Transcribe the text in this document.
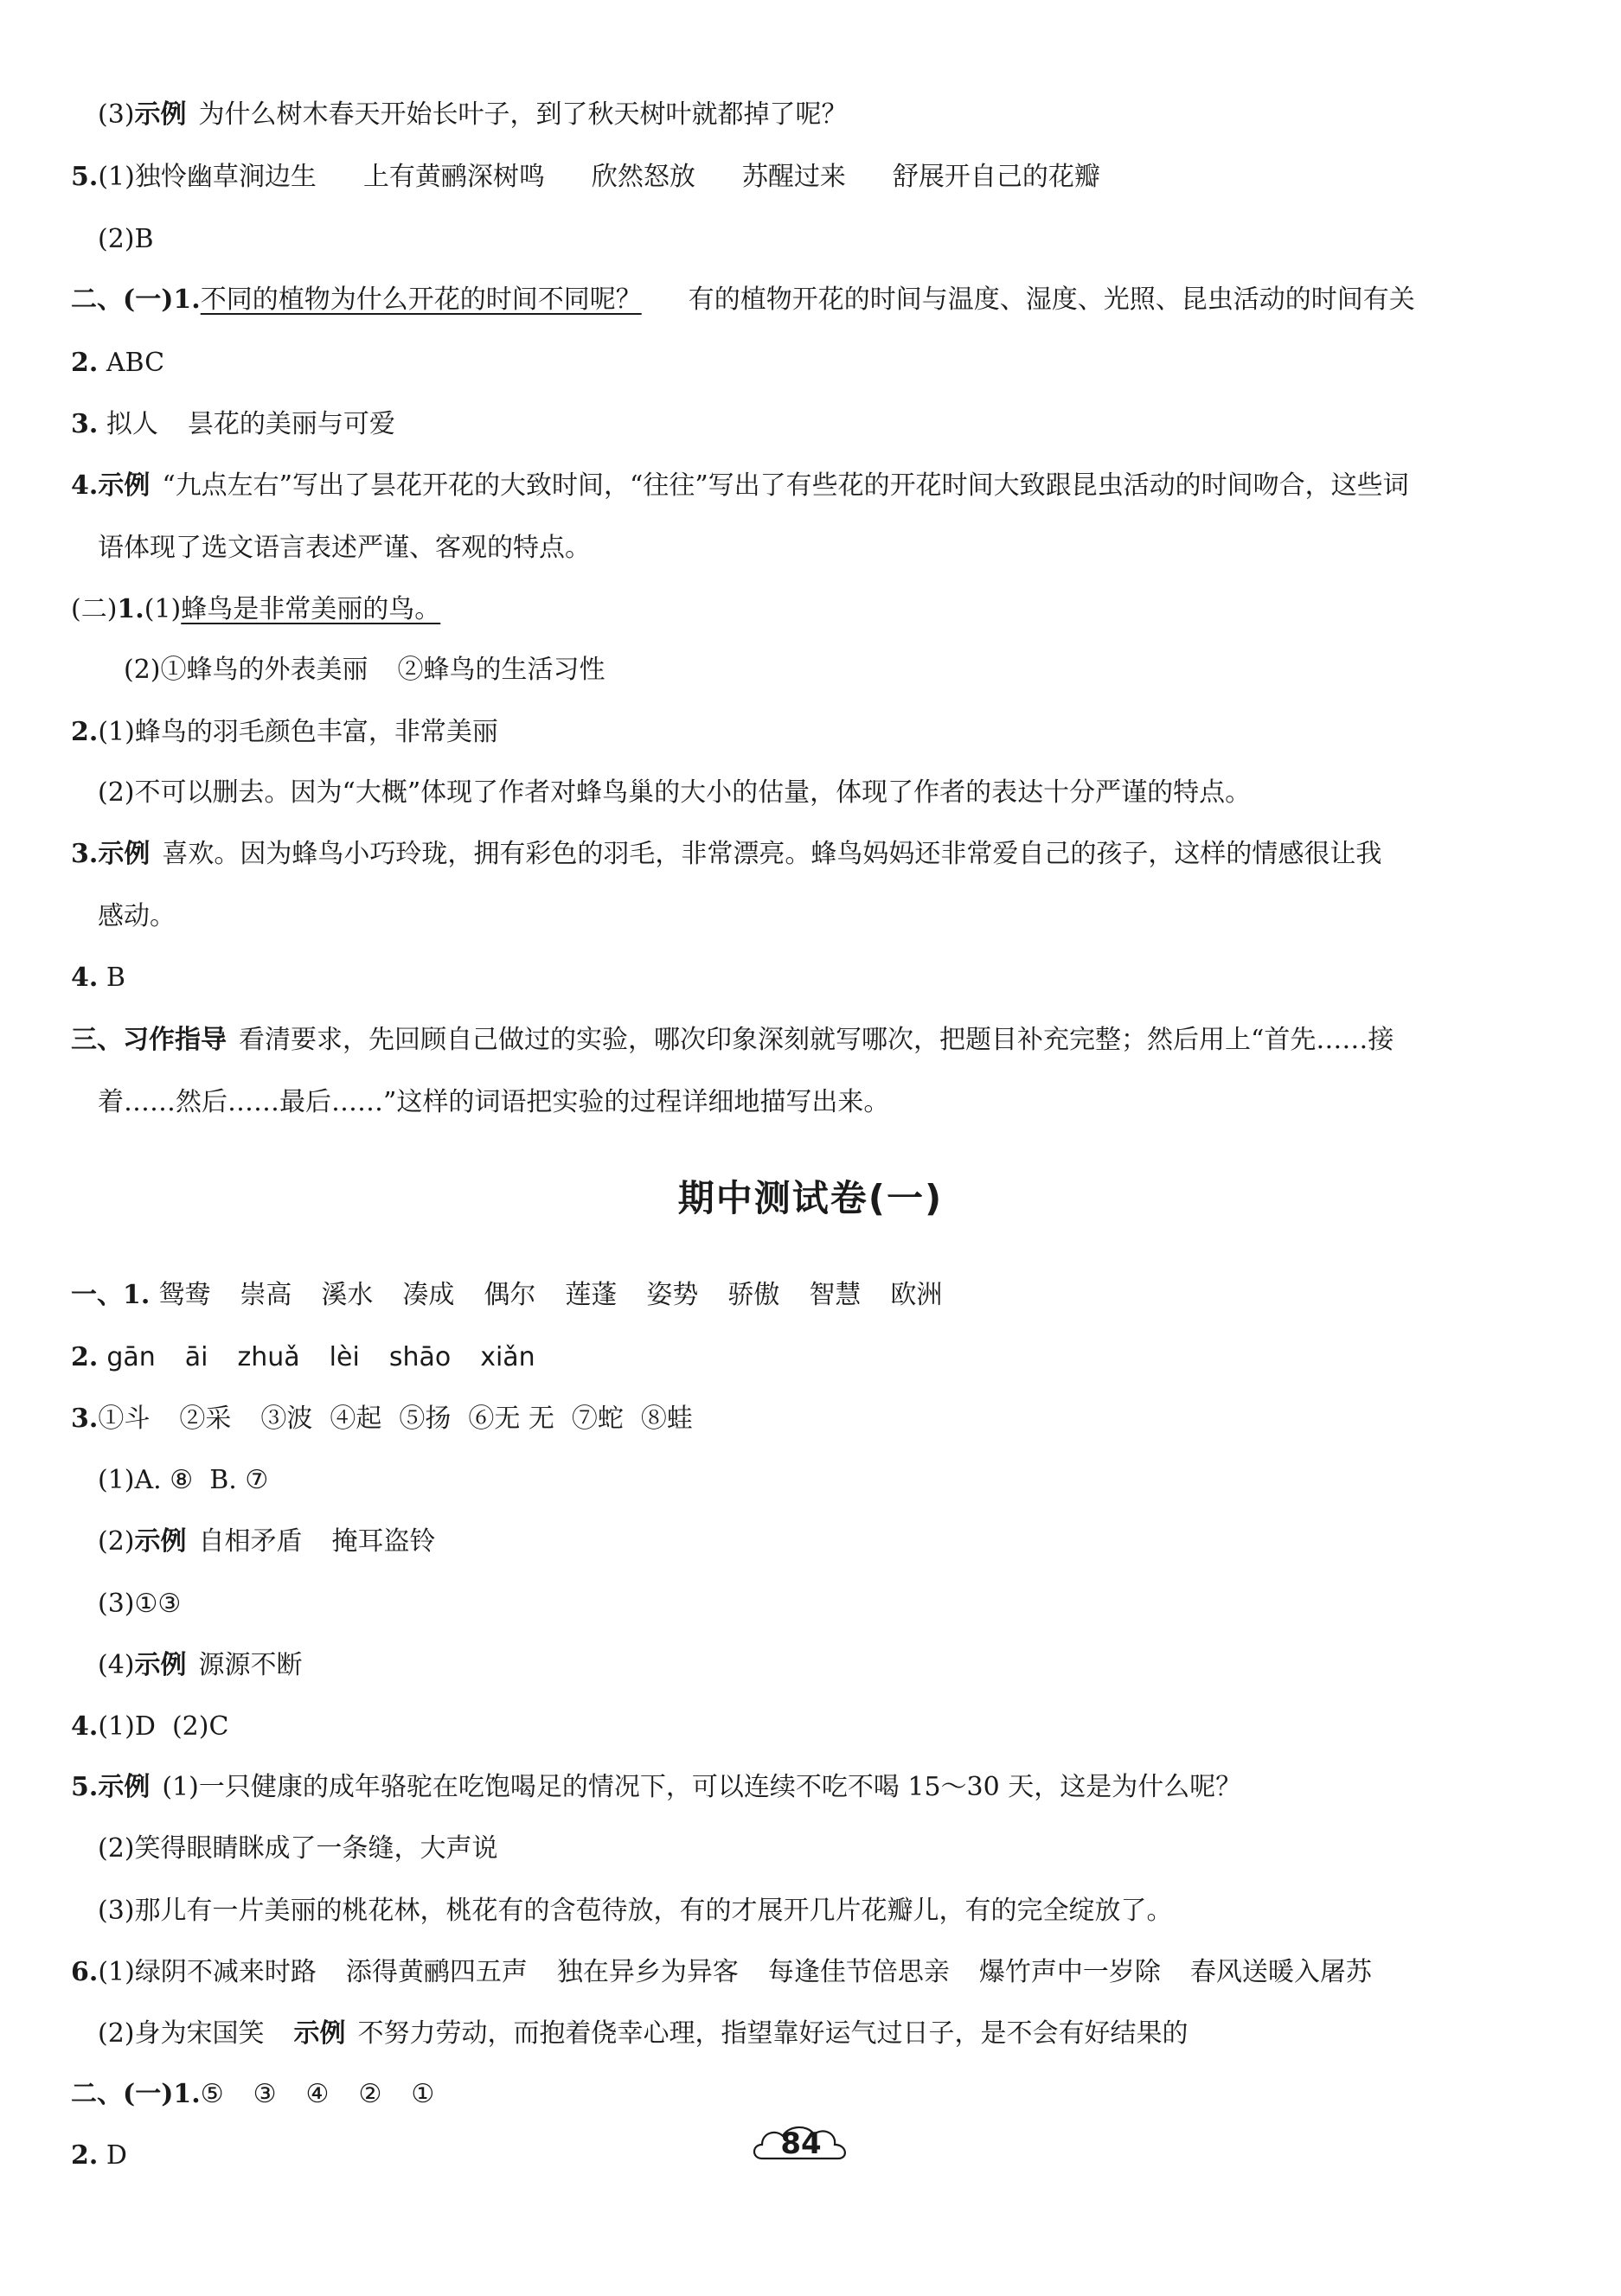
(3)示例 为什么树木春天开始长叶子，到了秋天树叶就都掉了呢？
5.(1)独怜幽草涧边生 上有黄鹂深树鸣 欣然怒放 苏醒过来 舒展开自己的花瓣
(2)B
二、(一)1.不同的植物为什么开花的时间不同呢？ 有的植物开花的时间与温度、湿度、光照、昆虫活动的时间有关
2. ABC
3. 拟人 昙花的美丽与可爱
4.示例 “九点左右”写出了昙花开花的大致时间，“往往”写出了有些花的开花时间大致跟昆虫活动的时间吻合，这些词
语体现了选文语言表述严谨、客观的特点。
(二)1.(1)蜂鸟是非常美丽的鸟。
(2)①蜂鸟的外表美丽 ②蜂鸟的生活习性
2.(1)蜂鸟的羽毛颜色丰富，非常美丽
(2)不可以删去。因为“大概”体现了作者对蜂鸟巢的大小的估量，体现了作者的表达十分严谨的特点。
3.示例 喜欢。因为蜂鸟小巧玲珑，拥有彩色的羽毛，非常漂亮。蜂鸟妈妈还非常爱自己的孩子，这样的情感很让我
感动。
4. B
三、习作指导 看清要求，先回顾自己做过的实验，哪次印象深刻就写哪次，把题目补充完整；然后用上“首先……接
着……然后……最后……”这样的词语把实验的过程详细地描写出来。
期中测试卷(一)
一、1. 鸳鸯 崇高 溪水 凑成 偶尔 莲蓬 姿势 骄傲 智慧 欧洲
2. gān āi zhuǎ lèi shāo xiǎn
3.①斗 ②采 ③波 ④起 ⑤扬 ⑥无 无 ⑦蛇 ⑧蛙
(1)A. ⑧  B. ⑦
(2)示例 自相矛盾 掩耳盗铃
(3)①③
(4)示例 源源不断
4.(1)D  (2)C
5.示例 (1)一只健康的成年骆驼在吃饱喝足的情况下，可以连续不吃不喝 15～30 天，这是为什么呢？
(2)笑得眼睛眯成了一条缝，大声说
(3)那儿有一片美丽的桃花林，桃花有的含苞待放，有的才展开几片花瓣儿，有的完全绽放了。
6.(1)绿阴不减来时路 添得黄鹂四五声 独在异乡为异客 每逢佳节倍思亲 爆竹声中一岁除 春风送暖入屠苏
(2)身为宋国笑 示例 不努力劳动，而抱着侥幸心理，指望靠好运气过日子，是不会有好结果的
二、(一)1.⑤ ③ ④ ② ①
2. D	84
